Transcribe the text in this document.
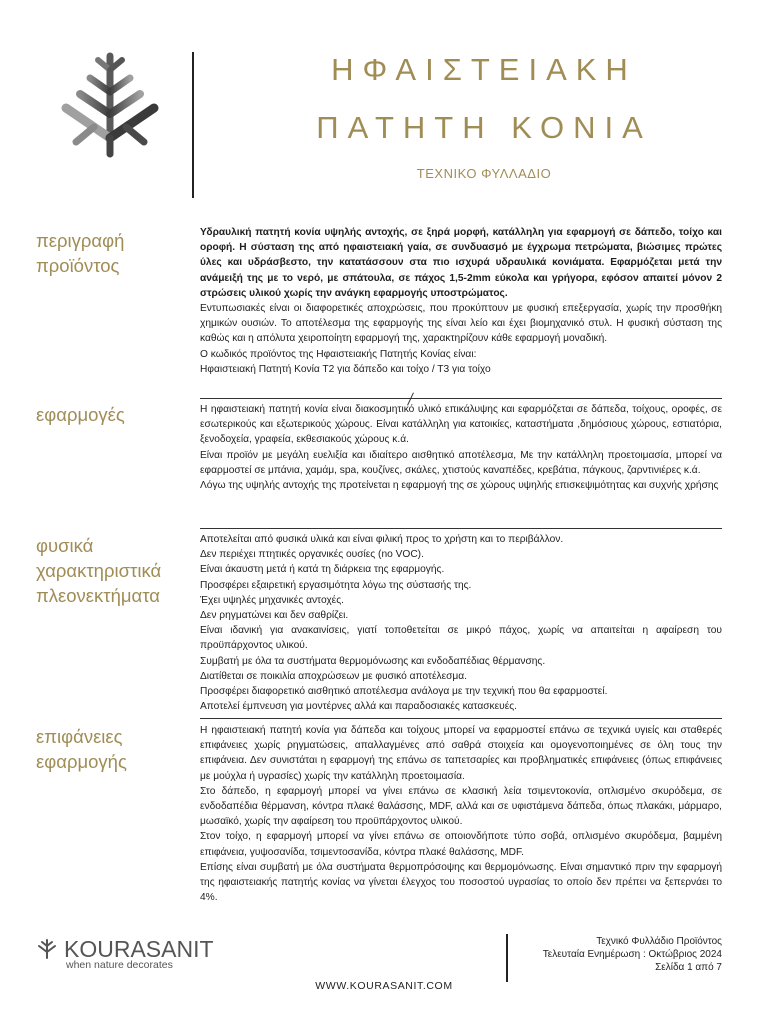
ΗΦΑΙΣΤΕΙΑΚΗ
ΠΑΤΗΤΗ ΚΟΝΙΑ
ΤΕΧΝΙΚΟ ΦΥΛΛΑΔΙΟ
περιγραφή
προϊόντος

Υδραυλική πατητή κονία υψηλής αντοχής, σε ξηρά μορφή, κατάλληλη για εφαρμογή σε δάπεδο, τοίχο και οροφή. Η σύσταση της από ηφαιστειακή γαία, σε συνδυασμό με έγχρωμα πετρώματα, βιώσιμες πρώτες ύλες και υδράσβεστο, την κατατάσσουν στα πιο ισχυρά υδραυλικά κονιάματα. Εφαρμόζεται μετά την ανάμειξή της με το νερό, με σπάτουλα, σε πάχος 1,5-2mm εύκολα και γρήγορα, εφόσον απαιτεί μόνον 2 στρώσεις υλικού χωρίς την ανάγκη εφαρμογής υποστρώματος.

Εντυπωσιακές είναι οι διαφορετικές αποχρώσεις, που προκύπτουν με φυσική επεξεργασία, χωρίς την προσθήκη χημικών ουσιών. Το αποτέλεσμα της εφαρμογής της είναι λείο και έχει βιομηχανικό στυλ. Η φυσική σύσταση της καθώς και η απόλυτα χειροποίητη εφαρμογή της, χαρακτηρίζουν κάθε εφαρμογή μοναδική.

Ο κωδικός προϊόντος της Ηφαιστειακής Πατητής Κονίας είναι:

Ηφαιστειακή Πατητή Κονία Τ2 για δάπεδο και τοίχο / Τ3 για τοίχο

εφαρμογές	Η ηφαιστειακή πατητή κονία είναι διακοσμητικό υλικό επικάλυψης και εφαρμόζεται σε δάπεδα, τοίχους, οροφές, σε εσωτερικούς και εξωτερικούς χώρους. Είναι κατάλληλη για κατοικίες, καταστήματα ,δημόσιους χώρους, εστιατόρια, ξενοδοχεία, γραφεία, εκθεσιακούς χώρους κ.ά.

Είναι προϊόν με μεγάλη ευελιξία και ιδιαίτερο αισθητικό αποτέλεσμα, Με την κατάλληλη προετοιμασία, μπορεί να εφαρμοστεί σε μπάνια, χαμάμ, spa, κουζίνες, σκάλες, χτιστούς καναπέδες, κρεβάτια, πάγκους, ζαρντινιέρες κ.ά.

Λόγω της υψηλής αντοχής της προτείνεται η εφαρμογή της σε χώρους υψηλής επισκεψιμότητας και συχνής χρήσης

φυσικά
χαρακτηριστικά
πλεονεκτήματα

Αποτελείται από φυσικά υλικά και είναι φιλική προς το χρήστη και το περιβάλλον.

Δεν περιέχει πτητικές οργανικές ουσίες (no VOC).

Είναι άκαυστη μετά ή κατά τη διάρκεια της εφαρμογής.

Προσφέρει εξαιρετική εργασιμότητα λόγω της σύστασής της.

Έχει υψηλές μηχανικές αντοχές.

Δεν ρηγματώνει και δεν σαθρίζει.

Είναι ιδανική για ανακαινίσεις, γιατί τοποθετείται σε μικρό πάχος, χωρίς να απαιτείται η αφαίρεση του προϋπάρχοντος υλικού.

Συμβατή με όλα τα συστήματα θερμομόνωσης και ενδοδαπέδιας θέρμανσης.

Διατίθεται σε ποικιλία αποχρώσεων με φυσικό αποτέλεσμα.

Προσφέρει διαφορετικό αισθητικό αποτέλεσμα ανάλογα με την τεχνική που θα εφαρμοστεί.

Αποτελεί έμπνευση για μοντέρνες αλλά και παραδοσιακές κατασκευές.

επιφάνειες
εφαρμογής

Η ηφαιστειακή πατητή κονία για δάπεδα και τοίχους μπορεί να εφαρμοστεί επάνω σε τεχνικά υγιείς και σταθερές επιφάνειες χωρίς ρηγματώσεις, απαλλαγμένες από σαθρά στοιχεία και ομογενοποιημένες σε όλη τους την επιφάνεια. Δεν συνιστάται η εφαρμογή της επάνω σε ταπετσαρίες και προβληματικές επιφάνειες (όπως επιφάνειες με μούχλα ή υγρασίες) χωρίς την κατάλληλη προετοιμασία.

Στο δάπεδο, η εφαρμογή μπορεί να γίνει επάνω σε κλασική λεία τσιμεντοκονία, οπλισμένο σκυρόδεμα, σε ενδοδαπέδια θέρμανση, κόντρα πλακέ θαλάσσης, MDF, αλλά και σε υφιστάμενα δάπεδα, όπως πλακάκι, μάρμαρο, μωσαϊκό, χωρίς την αφαίρεση του προϋπάρχοντος υλικού.

Στον τοίχο, η εφαρμογή μπορεί να γίνει επάνω σε οποιονδήποτε τύπο σοβά, οπλισμένο σκυρόδεμα, βαμμένη επιφάνεια, γυψοσανίδα, τσιμεντοσανίδα, κόντρα πλακέ θαλάσσης, MDF.

Επίσης είναι συμβατή με όλα συστήματα θερμοπρόσοψης και θερμομόνωσης. Είναι σημαντικό πριν την εφαρμογή της ηφαιστειακής πατητής κονίας να γίνεται έλεγχος του ποσοστού υγρασίας το οποίο δεν πρέπει να ξεπερνάει το 4%.

KOURASANIT
when nature decorates
Τεχνικό Φυλλάδιο Προϊόντος
Τελευταία Ενημέρωση : Οκτώβριος 2024
Σελίδα 1 από 7
WWW.KOURASANIT.COM
